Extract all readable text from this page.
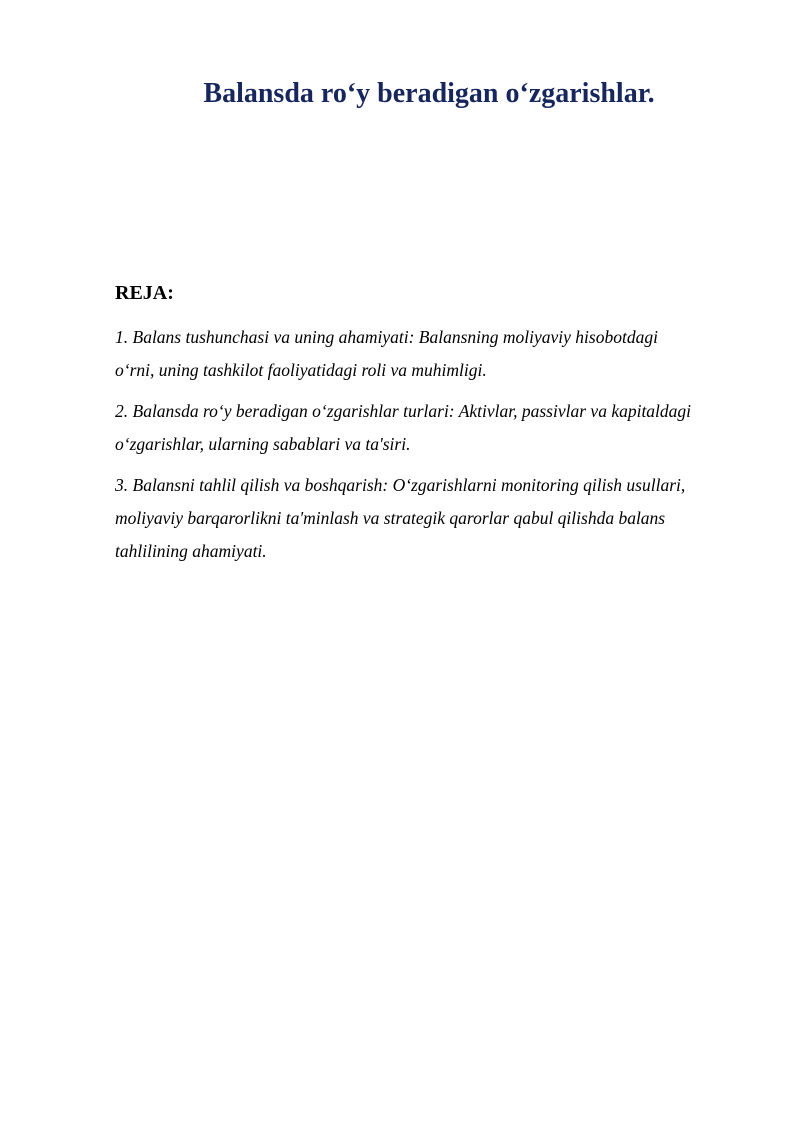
Balansda ro‘y beradigan o‘zgarishlar.
REJA:
1. Balans tushunchasi va uning ahamiyati: Balansning moliyaviy hisobotdagi
o‘rni, uning tashkilot faoliyatidagi roli va muhimligi.
2. Balansda ro‘y beradigan o‘zgarishlar turlari: Aktivlar, passivlar va kapitaldagi
o‘zgarishlar, ularning sabablari va ta'siri.
3. Balansni tahlil qilish va boshqarish: O‘zgarishlarni monitoring qilish usullari,
moliyaviy barqarorlikni ta'minlash va strategik qarorlar qabul qilishda balans
tahlilining ahamiyati.
